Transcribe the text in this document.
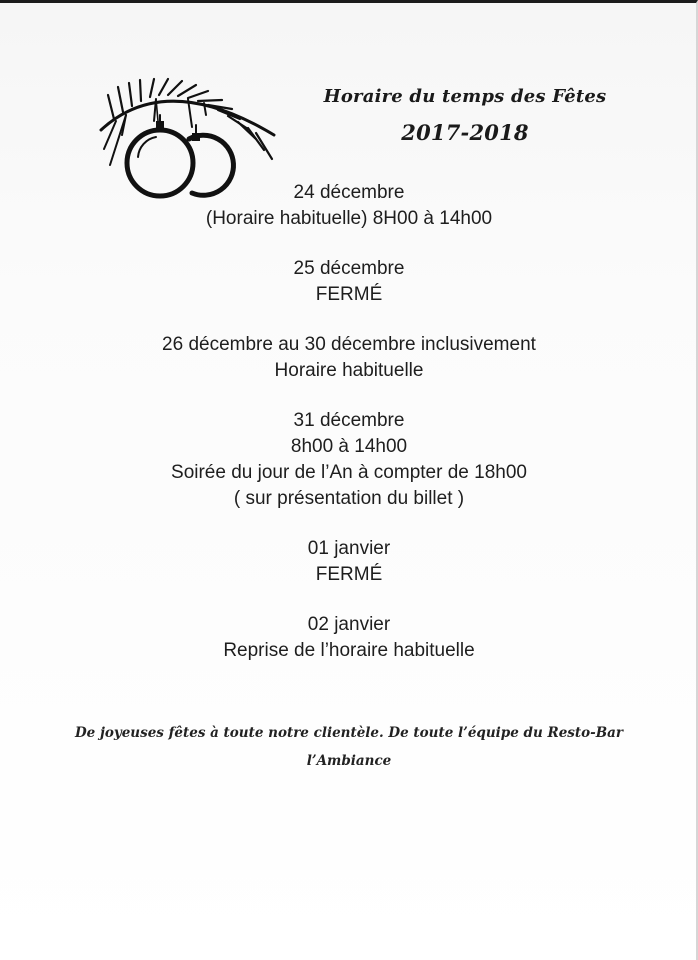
Horaire du temps des Fêtes
2017-2018
24 décembre
(Horaire habituelle) 8H00 à 14h00
25 décembre
FERMÉ
26 décembre au 30 décembre inclusivement
Horaire habituelle
31 décembre
8h00 à 14h00
Soirée du jour de l’An à compter de 18h00
( sur présentation du billet )
01 janvier
FERMÉ
02 janvier
Reprise de l’horaire habituelle
De joyeuses fêtes à toute notre clientèle. De toute l’équipe du Resto-Bar
l’Ambiance
